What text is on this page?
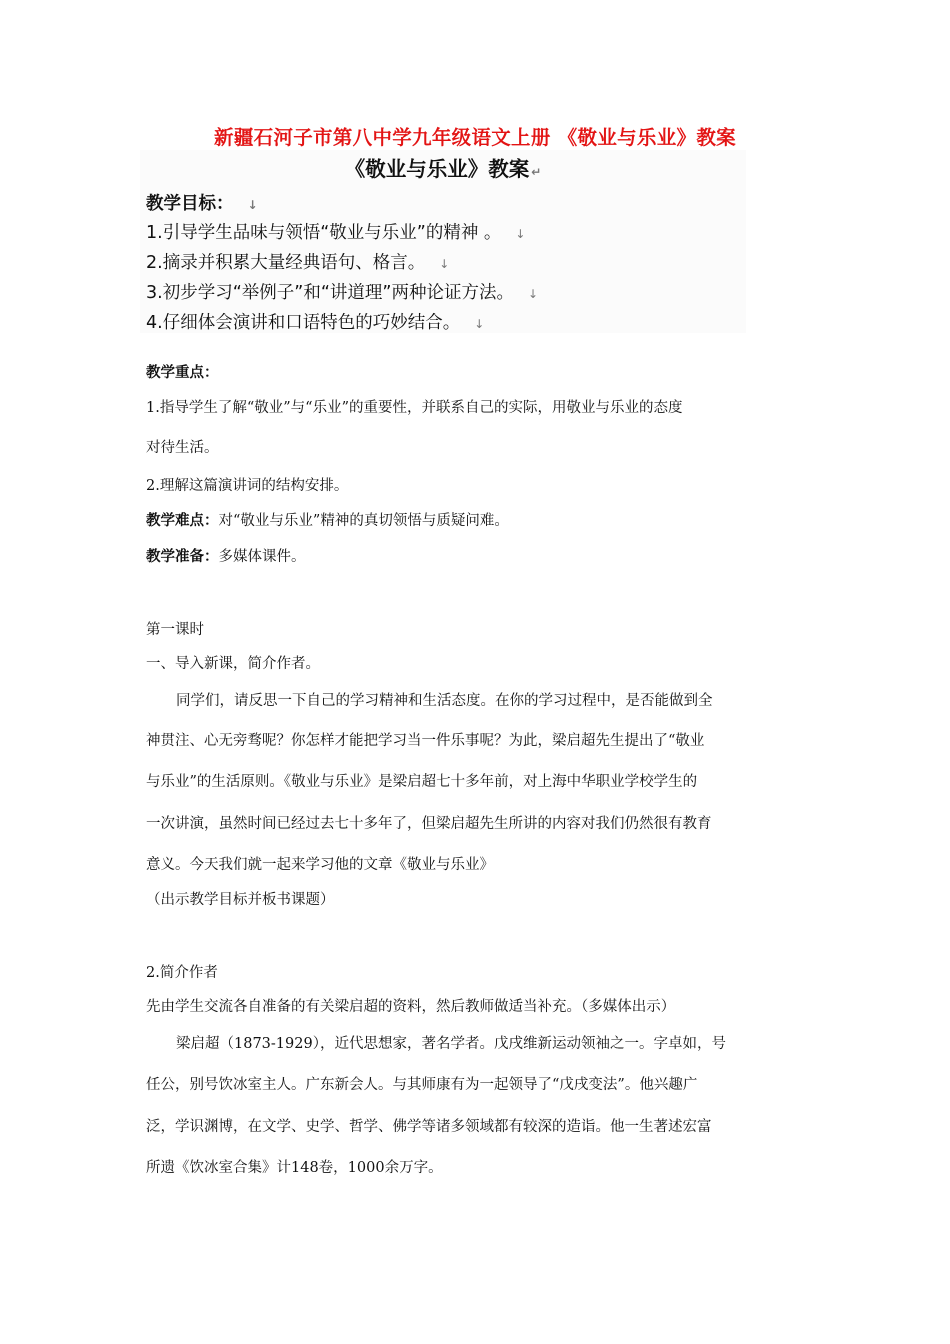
新疆石河子市第八中学九年级语文上册 《敬业与乐业》教案
《敬业与乐业》教案 ↵
教学目标： ↓
1.引导学生品味与领悟“敬业与乐业”的精神 。 ↓
2.摘录并积累大量经典语句、格言。 ↓
3.初步学习“举例子”和“讲道理”两种论证方法。 ↓
4.仔细体会演讲和口语特色的巧妙结合。 ↓
教学重点：
1.指导学生了解“敬业”与“乐业”的重要性，并联系自己的实际，用敬业与乐业的态度
对待生活。
2.理解这篇演讲词的结构安排。
教学难点：对“敬业与乐业”精神的真切领悟与质疑问难。
教学准备：多媒体课件。
第一课时
一、导入新课，简介作者。
同学们，请反思一下自己的学习精神和生活态度。在你的学习过程中，是否能做到全
神贯注、心无旁骛呢？你怎样才能把学习当一件乐事呢？为此，梁启超先生提出了“敬业
与乐业”的生活原则。《敬业与乐业》是梁启超七十多年前，对上海中华职业学校学生的
一次讲演，虽然时间已经过去七十多年了，但梁启超先生所讲的内容对我们仍然很有教育
意义。今天我们就一起来学习他的文章《敬业与乐业》
（出示教学目标并板书课题）
2.简介作者
先由学生交流各自准备的有关梁启超的资料，然后教师做适当补充。（多媒体出示）
梁启超（1873-1929），近代思想家，著名学者。戊戌维新运动领袖之一。字卓如，号
任公，别号饮冰室主人。广东新会人。与其师康有为一起领导了“戊戌变法”。他兴趣广
泛，学识渊博，在文学、史学、哲学、佛学等诸多领域都有较深的造诣。他一生著述宏富
所遗《饮冰室合集》计148卷，1000余万字。
